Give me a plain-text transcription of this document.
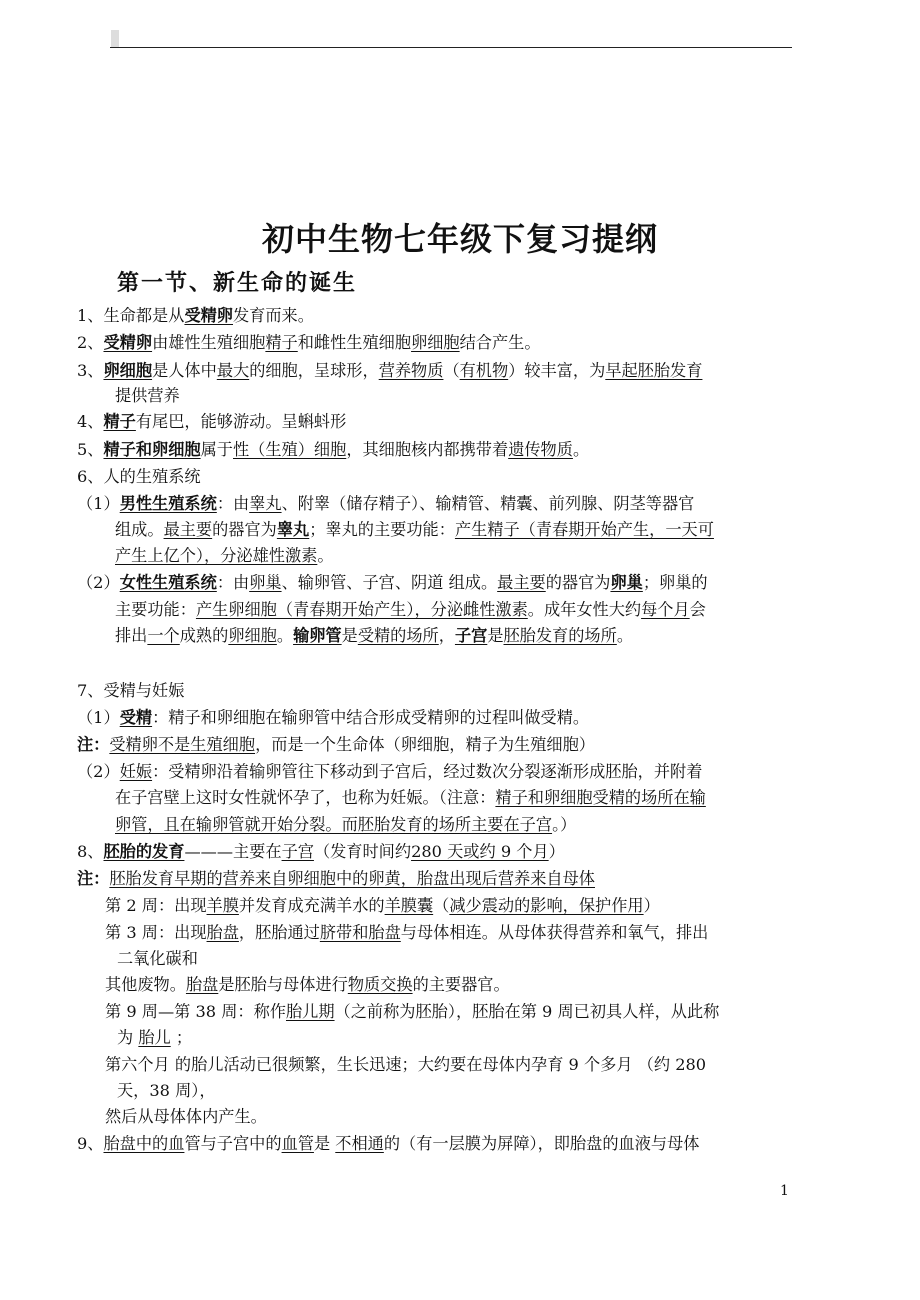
初中生物七年级下复习提纲
第一节、新生命的诞生
1、生命都是从受精卵发育而来。
2、受精卵由雄性生殖细胞精子和雌性生殖细胞卵细胞结合产生。
3、卵细胞是人体中最大的细胞，呈球形，营养物质（有机物）较丰富，为早起胚胎发育
提供营养
4、精子有尾巴，能够游动。呈蝌蚪形
5、精子和卵细胞属于性（生殖）细胞，其细胞核内都携带着遗传物质。
6、人的生殖系统
（1）男性生殖系统：由睾丸、附睾（储存精子）、输精管、精囊、前列腺、阴茎等器官
组成。最主要的器官为睾丸；睾丸的主要功能：产生精子（青春期开始产生，一天可
产生上亿个），分泌雄性激素。
（2）女性生殖系统：由卵巢、输卵管、子宫、阴道 组成。最主要的器官为卵巢；卵巢的
主要功能：产生卵细胞（青春期开始产生），分泌雌性激素。成年女性大约每个月会
排出一个成熟的卵细胞。输卵管是受精的场所，子宫是胚胎发育的场所。
7、受精与妊娠
（1）受精：精子和卵细胞在输卵管中结合形成受精卵的过程叫做受精。
注：受精卵不是生殖细胞，而是一个生命体（卵细胞，精子为生殖细胞）
（2）妊娠：受精卵沿着输卵管往下移动到子宫后，经过数次分裂逐渐形成胚胎，并附着
在子宫壁上这时女性就怀孕了，也称为妊娠。（注意：精子和卵细胞受精的场所在输
卵管，且在输卵管就开始分裂。而胚胎发育的场所主要在子宫。）
8、胚胎的发育———主要在子宫（发育时间约280 天或约 9 个月）
注：胚胎发育早期的营养来自卵细胞中的卵黄，胎盘出现后营养来自母体
第 2 周：出现羊膜并发育成充满羊水的羊膜囊（减少震动的影响，保护作用）
第 3 周：出现胎盘，胚胎通过脐带和胎盘与母体相连。从母体获得营养和氧气，排出
二氧化碳和
其他废物。胎盘是胚胎与母体进行物质交换的主要器官。
第 9 周—第 38 周：称作胎儿期（之前称为胚胎），胚胎在第 9 周已初具人样，从此称
为 胎儿 ；
第六个月 的胎儿活动已很频繁，生长迅速；大约要在母体内孕育 9 个多月 （约 280
天，38 周），
然后从母体体内产生。
9、胎盘中的血管与子宫中的血管是 不相通的（有一层膜为屏障），即胎盘的血液与母体
1
